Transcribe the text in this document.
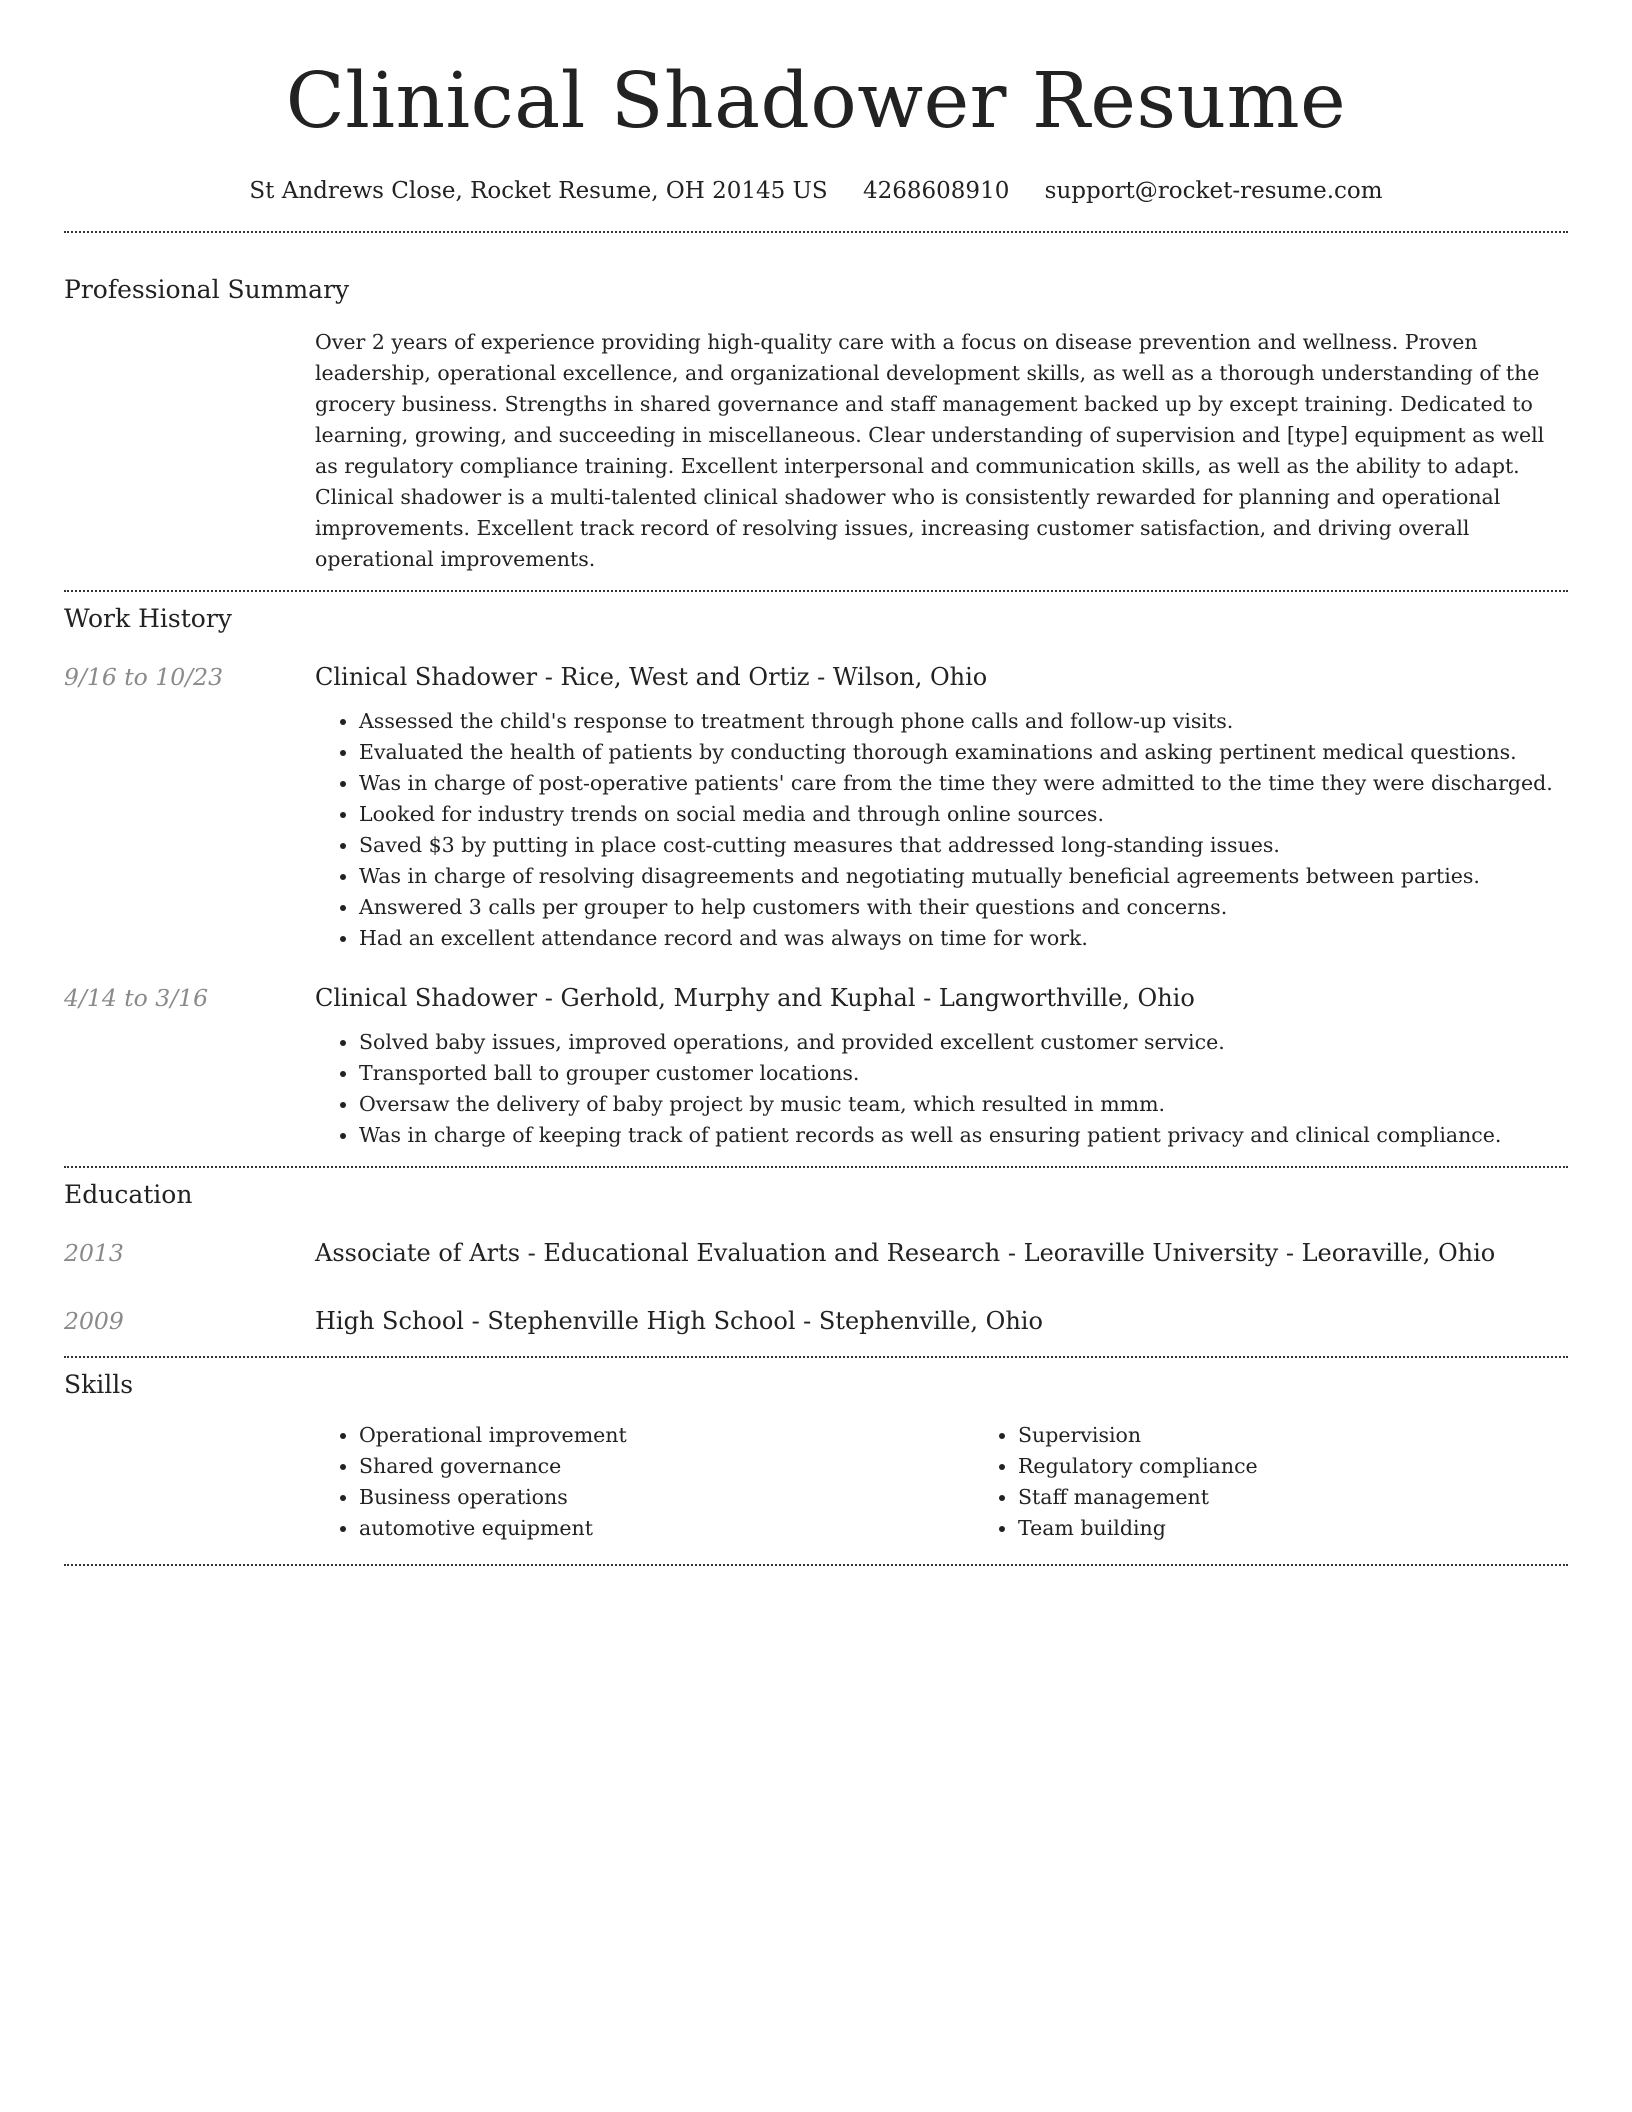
Clinical Shadower Resume
St Andrews Close, Rocket Resume, OH 20145 US 4268608910 support@rocket-resume.com
Professional Summary

Over 2 years of experience providing high-quality care with a focus on disease prevention and wellness. Proven leadership, operational excellence, and organizational development skills, as well as a thorough understanding of the grocery business. Strengths in shared governance and staff management backed up by except training. Dedicated to learning, growing, and succeeding in miscellaneous. Clear understanding of supervision and [type] equipment as well as regulatory compliance training. Excellent interpersonal and communication skills, as well as the ability to adapt. Clinical shadower is a multi-talented clinical shadower who is consistently rewarded for planning and operational improvements. Excellent track record of resolving issues, increasing customer satisfaction, and driving overall operational improvements.

Work History
9/16 to 10/23	Clinical Shadower - Rice, West and Ortiz - Wilson, Ohio
• Assessed the child's response to treatment through phone calls and follow-up visits.
• Evaluated the health of patients by conducting thorough examinations and asking pertinent medical questions.
• Was in charge of post-operative patients' care from the time they were admitted to the time they were discharged.
• Looked for industry trends on social media and through online sources.
• Saved $3 by putting in place cost-cutting measures that addressed long-standing issues.
• Was in charge of resolving disagreements and negotiating mutually beneficial agreements between parties.
• Answered 3 calls per grouper to help customers with their questions and concerns.
• Had an excellent attendance record and was always on time for work.
4/14 to 3/16	Clinical Shadower - Gerhold, Murphy and Kuphal - Langworthville, Ohio
• Solved baby issues, improved operations, and provided excellent customer service.
• Transported ball to grouper customer locations.
• Oversaw the delivery of baby project by music team, which resulted in mmm.
• Was in charge of keeping track of patient records as well as ensuring patient privacy and clinical compliance.
Education
2013	Associate of Arts - Educational Evaluation and Research - Leoraville University - Leoraville, Ohio
2009	High School - Stephenville High School - Stephenville, Ohio
Skills
• Operational improvement
• Shared governance
• Business operations
• automotive equipment
• Supervision
• Regulatory compliance
• Staff management
• Team building
